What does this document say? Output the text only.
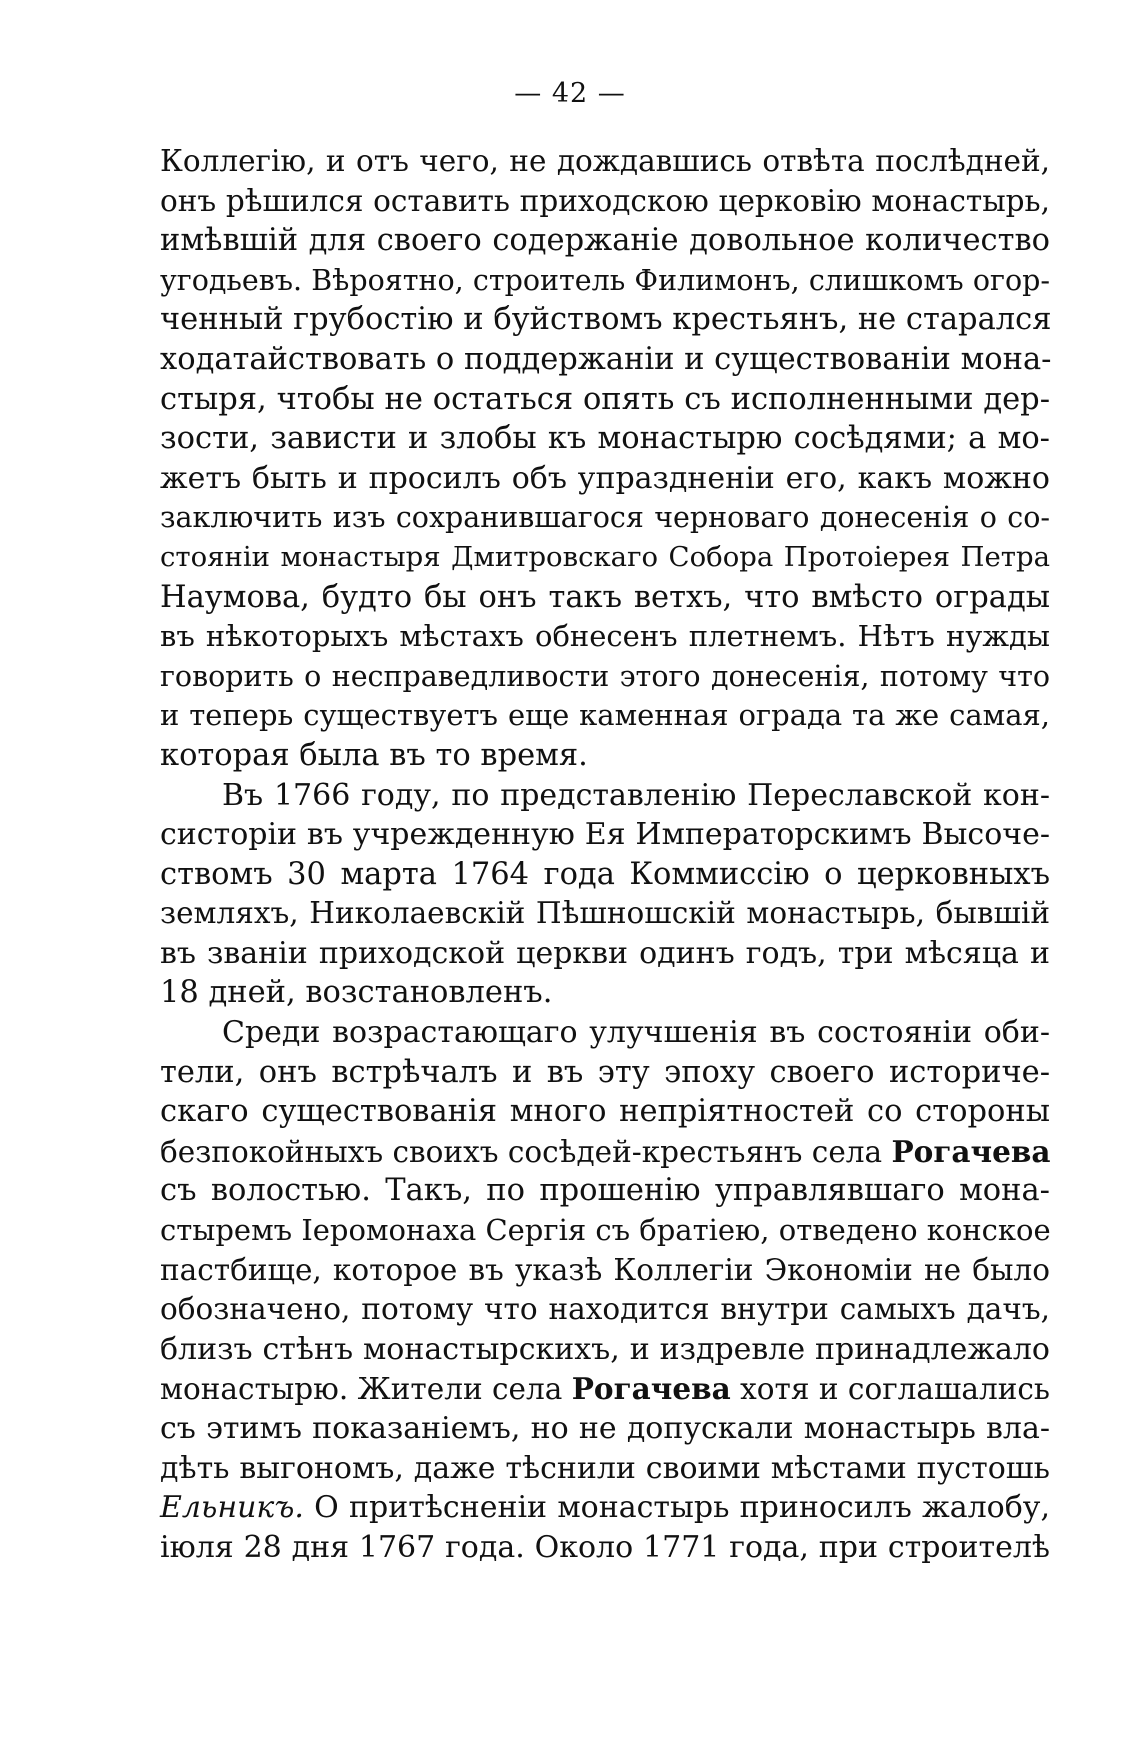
— 42 —
Коллегію, и отъ чего, не дождавшись отвѣта послѣдней,
онъ рѣшился оставить приходскою церковію монастырь,
имѣвшій для своего содержаніе довольное количество
угодьевъ. Вѣроятно, строитель Филимонъ, слишкомъ огор-
ченный грубостію и буйствомъ крестьянъ, не старался
ходатайствовать о поддержаніи и существованіи мона-
стыря, чтобы не остаться опять съ исполненными дер-
зости, зависти и злобы къ монастырю сосѣдями; а мо-
жетъ быть и просилъ объ упраздненіи его, какъ можно
заключить изъ сохранившагося черноваго донесенія о со-
стояніи монастыря Дмитровскаго Собора Протоіерея Петра
Наумова, будто бы онъ такъ ветхъ, что вмѣсто ограды
въ нѣкоторыхъ мѣстахъ обнесенъ плетнемъ. Нѣтъ нужды
говорить о несправедливости этого донесенія, потому что
и теперь существуетъ еще каменная ограда та же самая,
которая была въ то время.
Въ 1766 году, по представленію Переславской кон-
систоріи въ учрежденную Ея Императорскимъ Высоче-
ствомъ 30 марта 1764 года Коммиссію о церковныхъ
земляхъ, Николаевскій Пѣшношскій монастырь, бывшій
въ званіи приходской церкви одинъ годъ, три мѣсяца и
18 дней, возстановленъ.
Среди возрастающаго улучшенія въ состояніи оби-
тели, онъ встрѣчалъ и въ эту эпоху своего историче-
скаго существованія много непріятностей со стороны
безпокойныхъ своихъ сосѣдей-крестьянъ села Рогачева
съ волостью. Такъ, по прошенію управлявшаго мона-
стыремъ Іеромонаха Сергія съ братіею, отведено конское
пастбище, которое въ указѣ Коллегіи Экономіи не было
обозначено, потому что находится внутри самыхъ дачъ,
близъ стѣнъ монастырскихъ, и издревле принадлежало
монастырю. Жители села Рогачева хотя и соглашались
съ этимъ показаніемъ, но не допускали монастырь вла-
дѣть выгономъ, даже тѣснили своими мѣстами пустошь
Ельникъ. О притѣсненіи монастырь приносилъ жалобу,
іюля 28 дня 1767 года. Около 1771 года, при строителѣ
